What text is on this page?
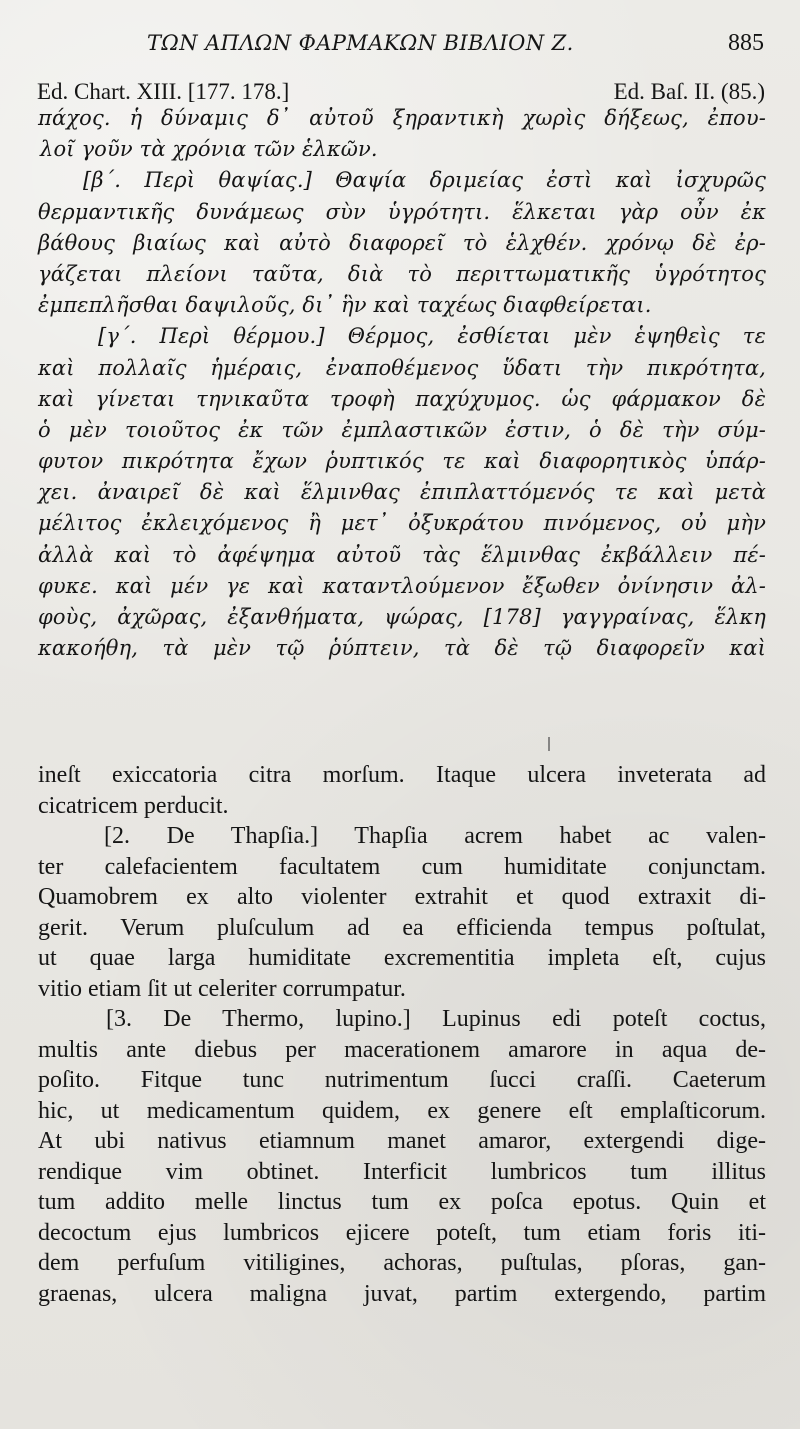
ΤΩΝ ΑΠΛΩΝ ΦΑΡΜΑΚΩΝ ΒΙΒΛΙΟΝ Ζ.	885
Ed. Chart. XIII. [177. 178.]	Ed. Baſ. II. (85.)
πάχος. ἡ δύναμις δ᾽ αὐτοῦ ξηραντικὴ χωρὶς δήξεως, ἐπου-
λοῖ γοῦν τὰ χρόνια τῶν ἑλκῶν.
[β´. Περὶ θαψίας.] Θαψία δριμείας ἐστὶ καὶ ἰσχυρῶς
θερμαντικῆς δυνάμεως σὺν ὑγρότητι. ἕλκεται γὰρ οὖν ἐκ
βάθους βιαίως καὶ αὐτὸ διαφορεῖ τὸ ἑλχθέν. χρόνῳ δὲ ἐρ-
γάζεται πλείονι ταῦτα, διὰ τὸ περιττωματικῆς ὑγρότητος
ἐμπεπλῆσθαι δαψιλοῦς, δι᾽ ἣν καὶ ταχέως διαφθείρεται.
[γ´. Περὶ θέρμου.] Θέρμος, ἐσθίεται μὲν ἑψηθεὶς τε
καὶ πολλαῖς ἡμέραις, ἐναποθέμενος ὕδατι τὴν πικρότητα,
καὶ γίνεται τηνικαῦτα τροφὴ παχύχυμος. ὡς φάρμακον δὲ
ὁ μὲν τοιοῦτος ἐκ τῶν ἐμπλαστικῶν ἐστιν, ὁ δὲ τὴν σύμ-
φυτον πικρότητα ἔχων ῥυπτικός τε καὶ διαφορητικὸς ὑπάρ-
χει. ἀναιρεῖ δὲ καὶ ἕλμινθας ἐπιπλαττόμενός τε καὶ μετὰ
μέλιτος ἐκλειχόμενος ἢ μετ᾽ ὀξυκράτου πινόμενος, οὐ μὴν
ἀλλὰ καὶ τὸ ἀφέψημα αὐτοῦ τὰς ἕλμινθας ἐκβάλλειν πέ-
φυκε. καὶ μέν γε καὶ καταντλούμενον ἔξωθεν ὀνίνησιν ἀλ-
φοὺς, ἀχῶρας, ἐξανθήματα, ψώρας, [178] γαγγραίνας, ἕλκη
κακοήθη, τὰ μὲν τῷ ῥύπτειν, τὰ δὲ τῷ διαφορεῖν καὶ
ineſt exiccatoria citra morſum. Itaque ulcera inveterata ad
cicatricem perducit.
[2. De Thapſia.] Thapſia acrem habet ac valen-
ter calefacientem facultatem cum humiditate conjunctam.
Quamobrem ex alto violenter extrahit et quod extraxit di-
gerit. Verum pluſculum ad ea efficienda tempus poſtulat,
ut quae larga humiditate excrementitia impleta eſt, cujus
vitio etiam ſit ut celeriter corrumpatur.
[3. De Thermo, lupino.] Lupinus edi poteſt coctus,
multis ante diebus per macerationem amarore in aqua de-
poſito. Fitque tunc nutrimentum ſucci craſſi. Caeterum
hic, ut medicamentum quidem, ex genere eſt emplaſticorum.
At ubi nativus etiamnum manet amaror, extergendi dige-
rendique vim obtinet. Interficit lumbricos tum illitus
tum addito melle linctus tum ex poſca epotus. Quin et
decoctum ejus lumbricos ejicere poteſt, tum etiam foris iti-
dem perfuſum vitiligines, achoras, puſtulas, pſoras, gan-
graenas, ulcera maligna juvat, partim extergendo, partim
